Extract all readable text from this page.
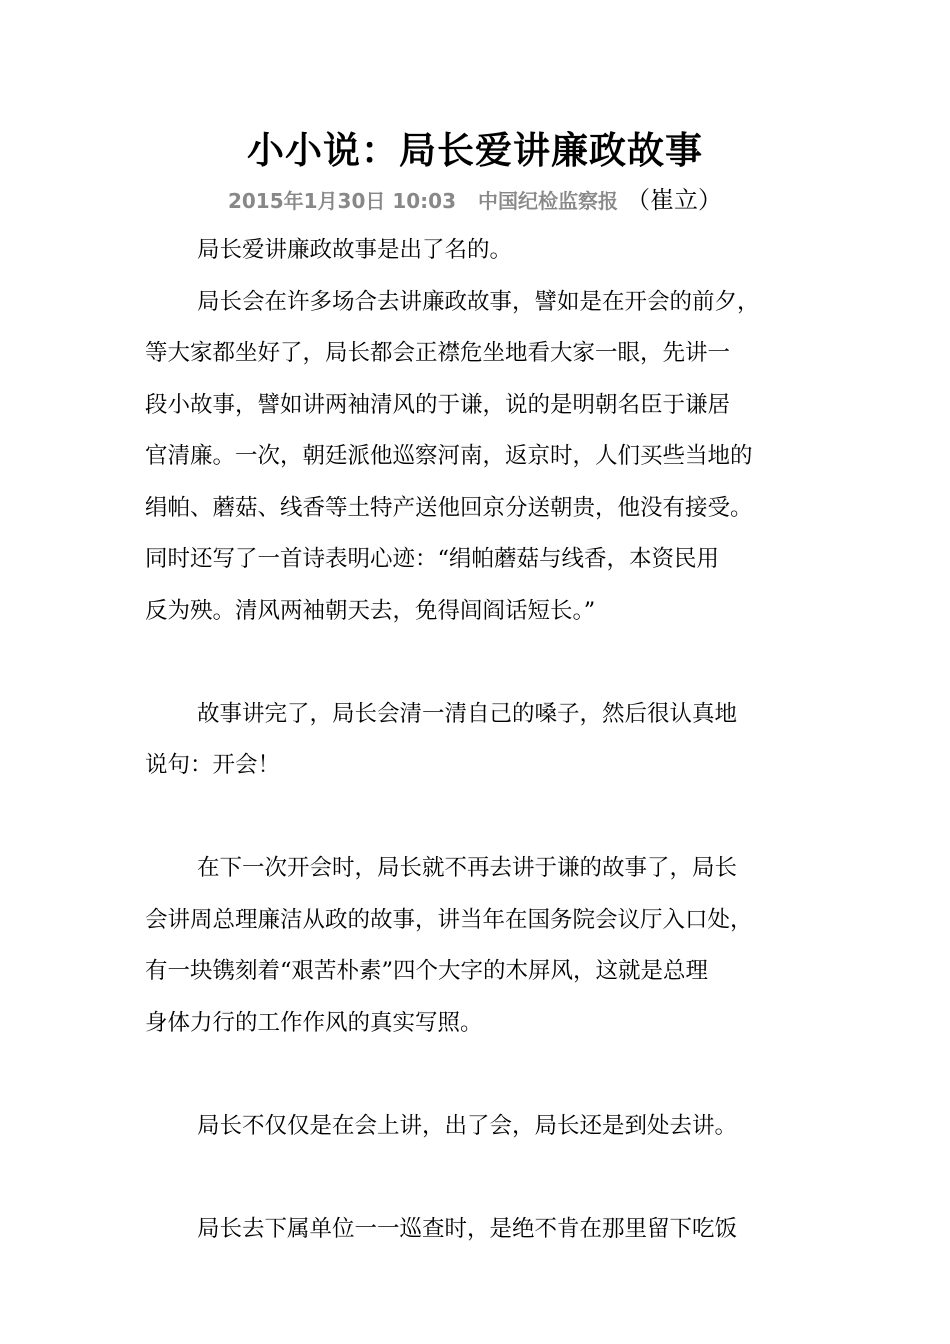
小小说：局长爱讲廉政故事
2015年1月30日 10:03 中国纪检监察报 （崔立）
局长爱讲廉政故事是出了名的。
局长会在许多场合去讲廉政故事，譬如是在开会的前夕，
等大家都坐好了，局长都会正襟危坐地看大家一眼，先讲一
段小故事，譬如讲两袖清风的于谦，说的是明朝名臣于谦居
官清廉。一次，朝廷派他巡察河南，返京时，人们买些当地的
绢帕、蘑菇、线香等土特产送他回京分送朝贵，他没有接受。
同时还写了一首诗表明心迹：“绢帕蘑菇与线香，本资民用
反为殃。清风两袖朝天去，免得闾阎话短长。”
故事讲完了，局长会清一清自己的嗓子，然后很认真地
说句：开会！
在下一次开会时，局长就不再去讲于谦的故事了，局长
会讲周总理廉洁从政的故事，讲当年在国务院会议厅入口处，
有一块镌刻着“艰苦朴素”四个大字的木屏风，这就是总理
身体力行的工作作风的真实写照。
局长不仅仅是在会上讲，出了会，局长还是到处去讲。
局长去下属单位一一巡查时，是绝不肯在那里留下吃饭
